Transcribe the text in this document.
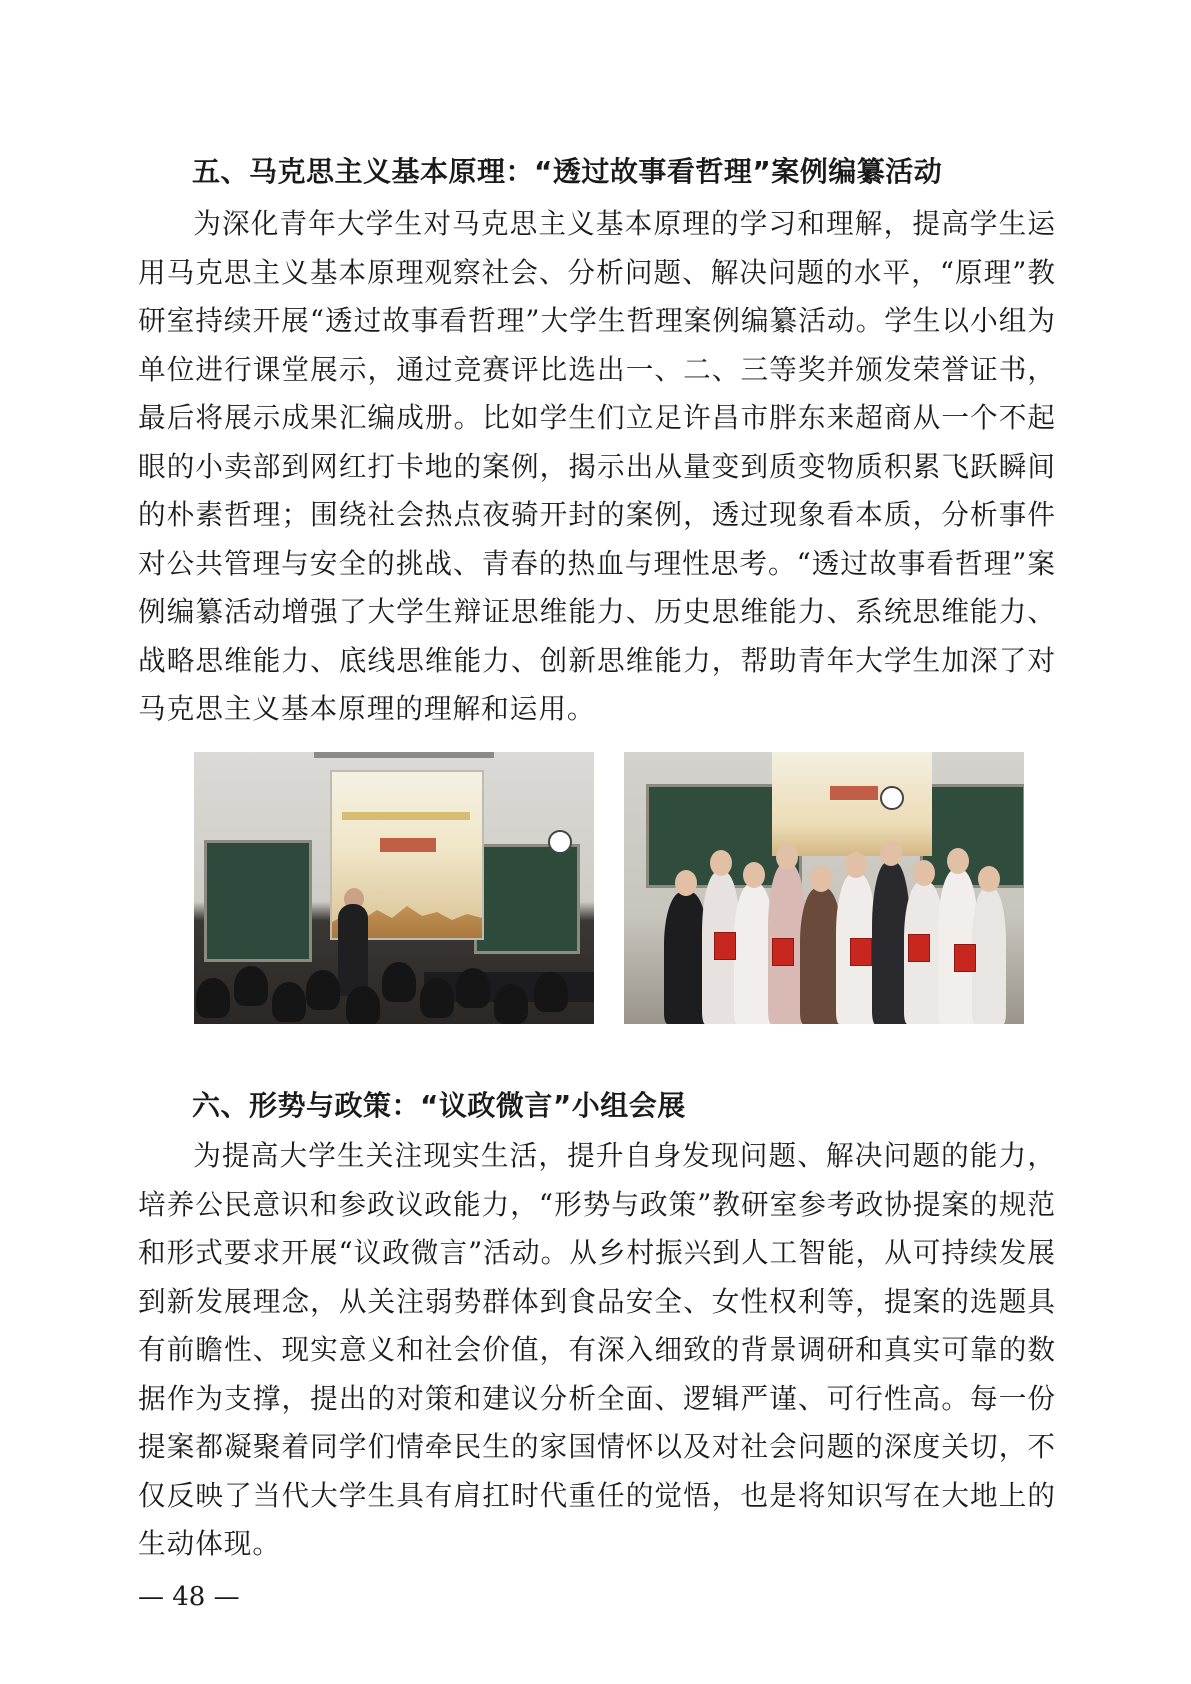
五、马克思主义基本原理：“透过故事看哲理”案例编纂活动
为深化青年大学生对马克思主义基本原理的学习和理解，提高学生运用马克思主义基本原理观察社会、分析问题、解决问题的水平，“原理”教研室持续开展“透过故事看哲理”大学生哲理案例编纂活动。学生以小组为单位进行课堂展示，通过竞赛评比选出一、二、三等奖并颁发荣誉证书，最后将展示成果汇编成册。比如学生们立足许昌市胖东来超商从一个不起眼的小卖部到网红打卡地的案例，揭示出从量变到质变物质积累飞跃瞬间的朴素哲理；围绕社会热点夜骑开封的案例，透过现象看本质，分析事件对公共管理与安全的挑战、青春的热血与理性思考。“透过故事看哲理”案例编纂活动增强了大学生辩证思维能力、历史思维能力、系统思维能力、战略思维能力、底线思维能力、创新思维能力，帮助青年大学生加深了对马克思主义基本原理的理解和运用。
六、形势与政策：“议政微言”小组会展
为提高大学生关注现实生活，提升自身发现问题、解决问题的能力，培养公民意识和参政议政能力，“形势与政策”教研室参考政协提案的规范和形式要求开展“议政微言”活动。从乡村振兴到人工智能，从可持续发展到新发展理念，从关注弱势群体到食品安全、女性权利等，提案的选题具有前瞻性、现实意义和社会价值，有深入细致的背景调研和真实可靠的数据作为支撑，提出的对策和建议分析全面、逻辑严谨、可行性高。每一份提案都凝聚着同学们情牵民生的家国情怀以及对社会问题的深度关切，不仅反映了当代大学生具有肩扛时代重任的觉悟，也是将知识写在大地上的生动体现。
— 48 —
